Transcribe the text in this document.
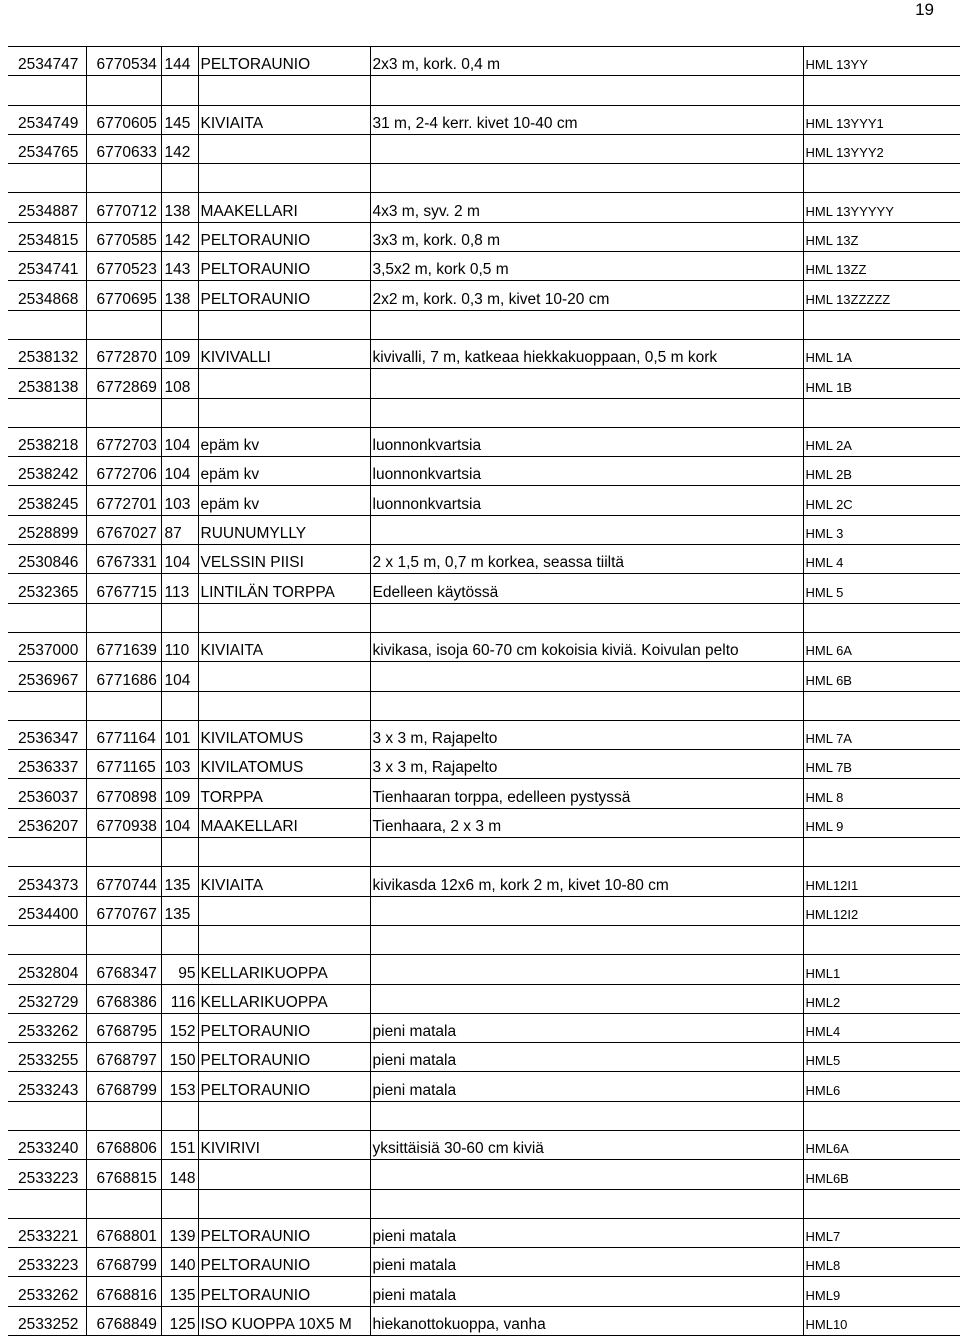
19
2534747	6770534	144	PELTORAUNIO	2x3 m, kork. 0,4 m	HML 13YY

2534749	6770605	145	KIVIAITA	31 m, 2-4 kerr. kivet 10-40 cm	HML 13YYY1
2534765	6770633	142			HML 13YYY2

2534887	6770712	138	MAAKELLARI	4x3 m, syv. 2 m	HML 13YYYYY
2534815	6770585	142	PELTORAUNIO	3x3 m, kork. 0,8 m	HML 13Z
2534741	6770523	143	PELTORAUNIO	3,5x2 m, kork 0,5 m	HML 13ZZ
2534868	6770695	138	PELTORAUNIO	2x2 m, kork. 0,3 m, kivet 10-20 cm	HML 13ZZZZZ

2538132	6772870	109	KIVIVALLI	kivivalli, 7 m, katkeaa hiekkakuoppaan, 0,5 m kork	HML 1A
2538138	6772869	108			HML 1B

2538218	6772703	104	epäm kv	luonnonkvartsia	HML 2A
2538242	6772706	104	epäm kv	luonnonkvartsia	HML 2B
2538245	6772701	103	epäm kv	luonnonkvartsia	HML 2C
2528899	6767027	87	RUUNUMYLLY		HML 3
2530846	6767331	104	VELSSIN PIISI	2 x 1,5 m, 0,7 m korkea, seassa tiiltä	HML 4
2532365	6767715	113	LINTILÄN TORPPA	Edelleen käytössä	HML 5

2537000	6771639	110	KIVIAITA	kivikasa, isoja 60-70 cm kokoisia kiviä. Koivulan pelto	HML 6A
2536967	6771686	104			HML 6B

2536347	6771164	101	KIVILATOMUS	3 x 3 m, Rajapelto	HML 7A
2536337	6771165	103	KIVILATOMUS	3 x 3 m, Rajapelto	HML 7B
2536037	6770898	109	TORPPA	Tienhaaran torppa, edelleen pystyssä	HML 8
2536207	6770938	104	MAAKELLARI	Tienhaara, 2 x 3 m	HML 9

2534373	6770744	135	KIVIAITA	kivikasda 12x6 m, kork 2 m, kivet 10-80 cm	HML12I1
2534400	6770767	135			HML12I2

2532804	6768347	95	KELLARIKUOPPA		HML1
2532729	6768386	116	KELLARIKUOPPA		HML2
2533262	6768795	152	PELTORAUNIO	pieni matala	HML4
2533255	6768797	150	PELTORAUNIO	pieni matala	HML5
2533243	6768799	153	PELTORAUNIO	pieni matala	HML6

2533240	6768806	151	KIVIRIVI	yksittäisiä 30-60 cm kiviä	HML6A
2533223	6768815	148			HML6B

2533221	6768801	139	PELTORAUNIO	pieni matala	HML7
2533223	6768799	140	PELTORAUNIO	pieni matala	HML8
2533262	6768816	135	PELTORAUNIO	pieni matala	HML9
2533252	6768849	125	ISO KUOPPA 10X5 M	hiekanottokuoppa, vanha	HML10
